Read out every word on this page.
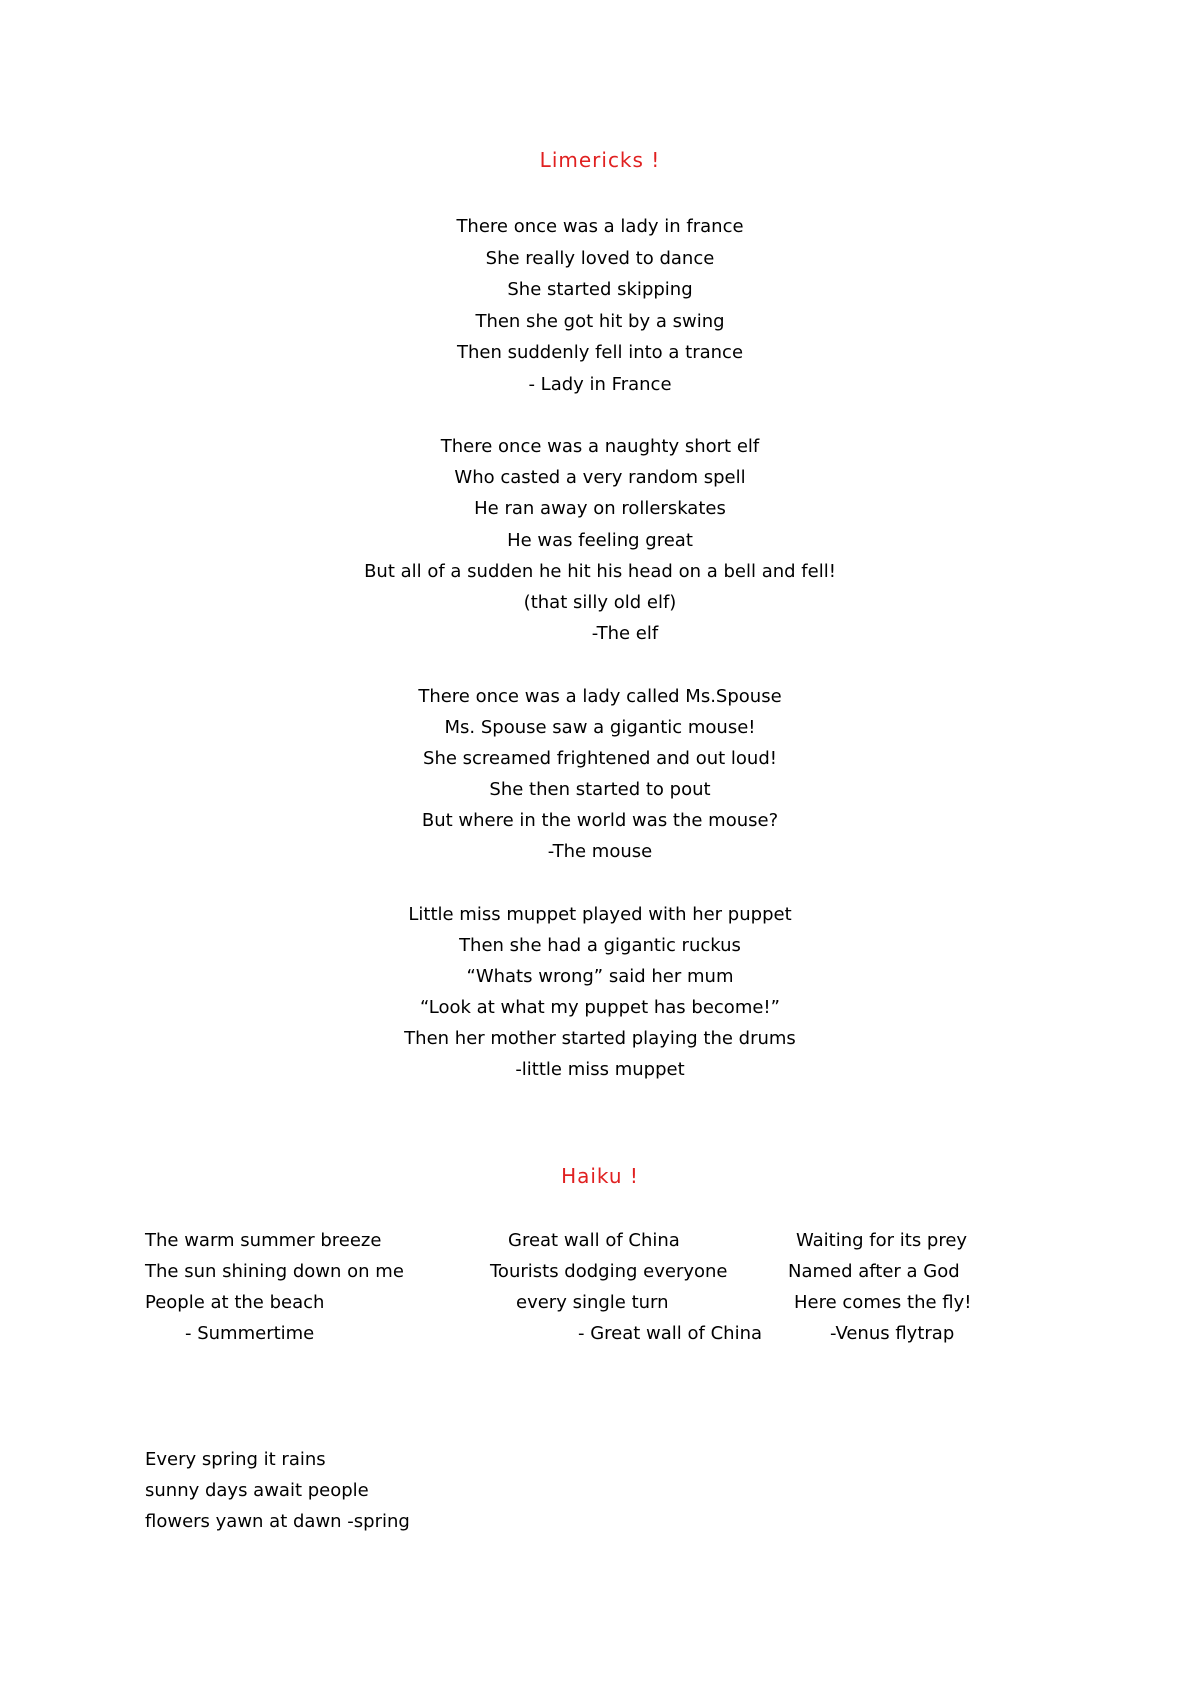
Limericks !
There once was a lady in france
She really loved to dance
She started skipping
Then she got hit by a swing
Then suddenly fell into a trance
- Lady in France
There once was a naughty short elf
Who casted a very random spell
He ran away on rollerskates
He was feeling great
But all of a sudden he hit his head on a bell and fell!
(that silly old elf)
-The elf
There once was a lady called Ms.Spouse
Ms. Spouse saw a gigantic mouse!
She screamed frightened and out loud!
She then started to pout
But where in the world was the mouse?
-The mouse
Little miss muppet played with her puppet
Then she had a gigantic ruckus
“Whats wrong” said her mum
“Look at what my puppet has become!”
Then her mother started playing the drums
-little miss muppet
Haiku !
The warm summer breeze
The sun shining down on me
People at the beach
- Summertime
Great wall of China
Tourists dodging everyone
every single turn
- Great wall of China
Waiting for its prey
Named after a God
Here comes the fly!
-Venus flytrap
Every spring it rains
sunny days await people
flowers yawn at dawn -spring
